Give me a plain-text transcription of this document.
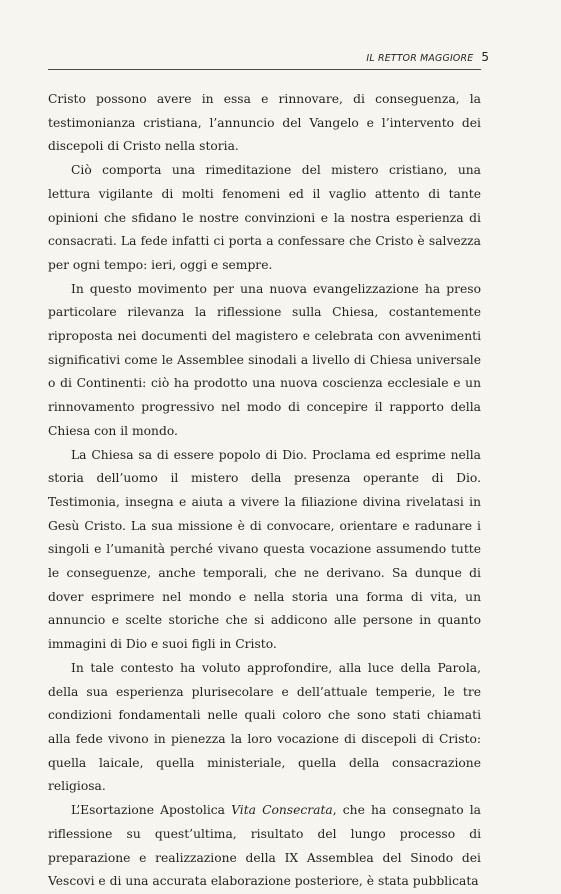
IL RETTOR MAGGIORE 5

Cristo possono avere in essa e rinnovare, di conseguenza, la testimonianza cristiana, l’annuncio del Vangelo e l’intervento dei discepoli di Cristo nella storia.

Ciò comporta una rimeditazione del mistero cristiano, una lettura vigilante di molti fenomeni ed il vaglio attento di tante opinioni che sfidano le nostre convinzioni e la nostra esperienza di consacrati. La fede infatti ci porta a confessare che Cristo è salvezza per ogni tempo: ieri, oggi e sempre.

In questo movimento per una nuova evangelizzazione ha preso particolare rilevanza la riflessione sulla Chiesa, costantemente riproposta nei documenti del magistero e celebrata con avvenimenti significativi come le Assemblee sinodali a livello di Chiesa universale o di Continenti: ciò ha prodotto una nuova coscienza ecclesiale e un rinnovamento progressivo nel modo di concepire il rapporto della Chiesa con il mondo.

La Chiesa sa di essere popolo di Dio. Proclama ed esprime nella storia dell’uomo il mistero della presenza operante di Dio. Testimonia, insegna e aiuta a vivere la filiazione divina rivelatasi in Gesù Cristo. La sua missione è di convocare, orientare e radunare i singoli e l’umanità perché vivano questa vocazione assumendo tutte le conseguenze, anche temporali, che ne derivano. Sa dunque di dover esprimere nel mondo e nella storia una forma di vita, un annuncio e scelte storiche che si addicono alle persone in quanto immagini di Dio e suoi figli in Cristo.

In tale contesto ha voluto approfondire, alla luce della Parola, della sua esperienza plurisecolare e dell’attuale temperie, le tre condizioni fondamentali nelle quali coloro che sono stati chiamati alla fede vivono in pienezza la loro vocazione di discepoli di Cristo: quella laicale, quella ministeriale, quella della consacrazione religiosa.

L’Esortazione Apostolica Vita Consecrata, che ha consegnato la riflessione su quest’ultima, risultato del lungo processo di preparazione e realizzazione della IX Assemblea del Sinodo dei Vescovi e di una accurata elaborazione posteriore, è stata pubblicata
